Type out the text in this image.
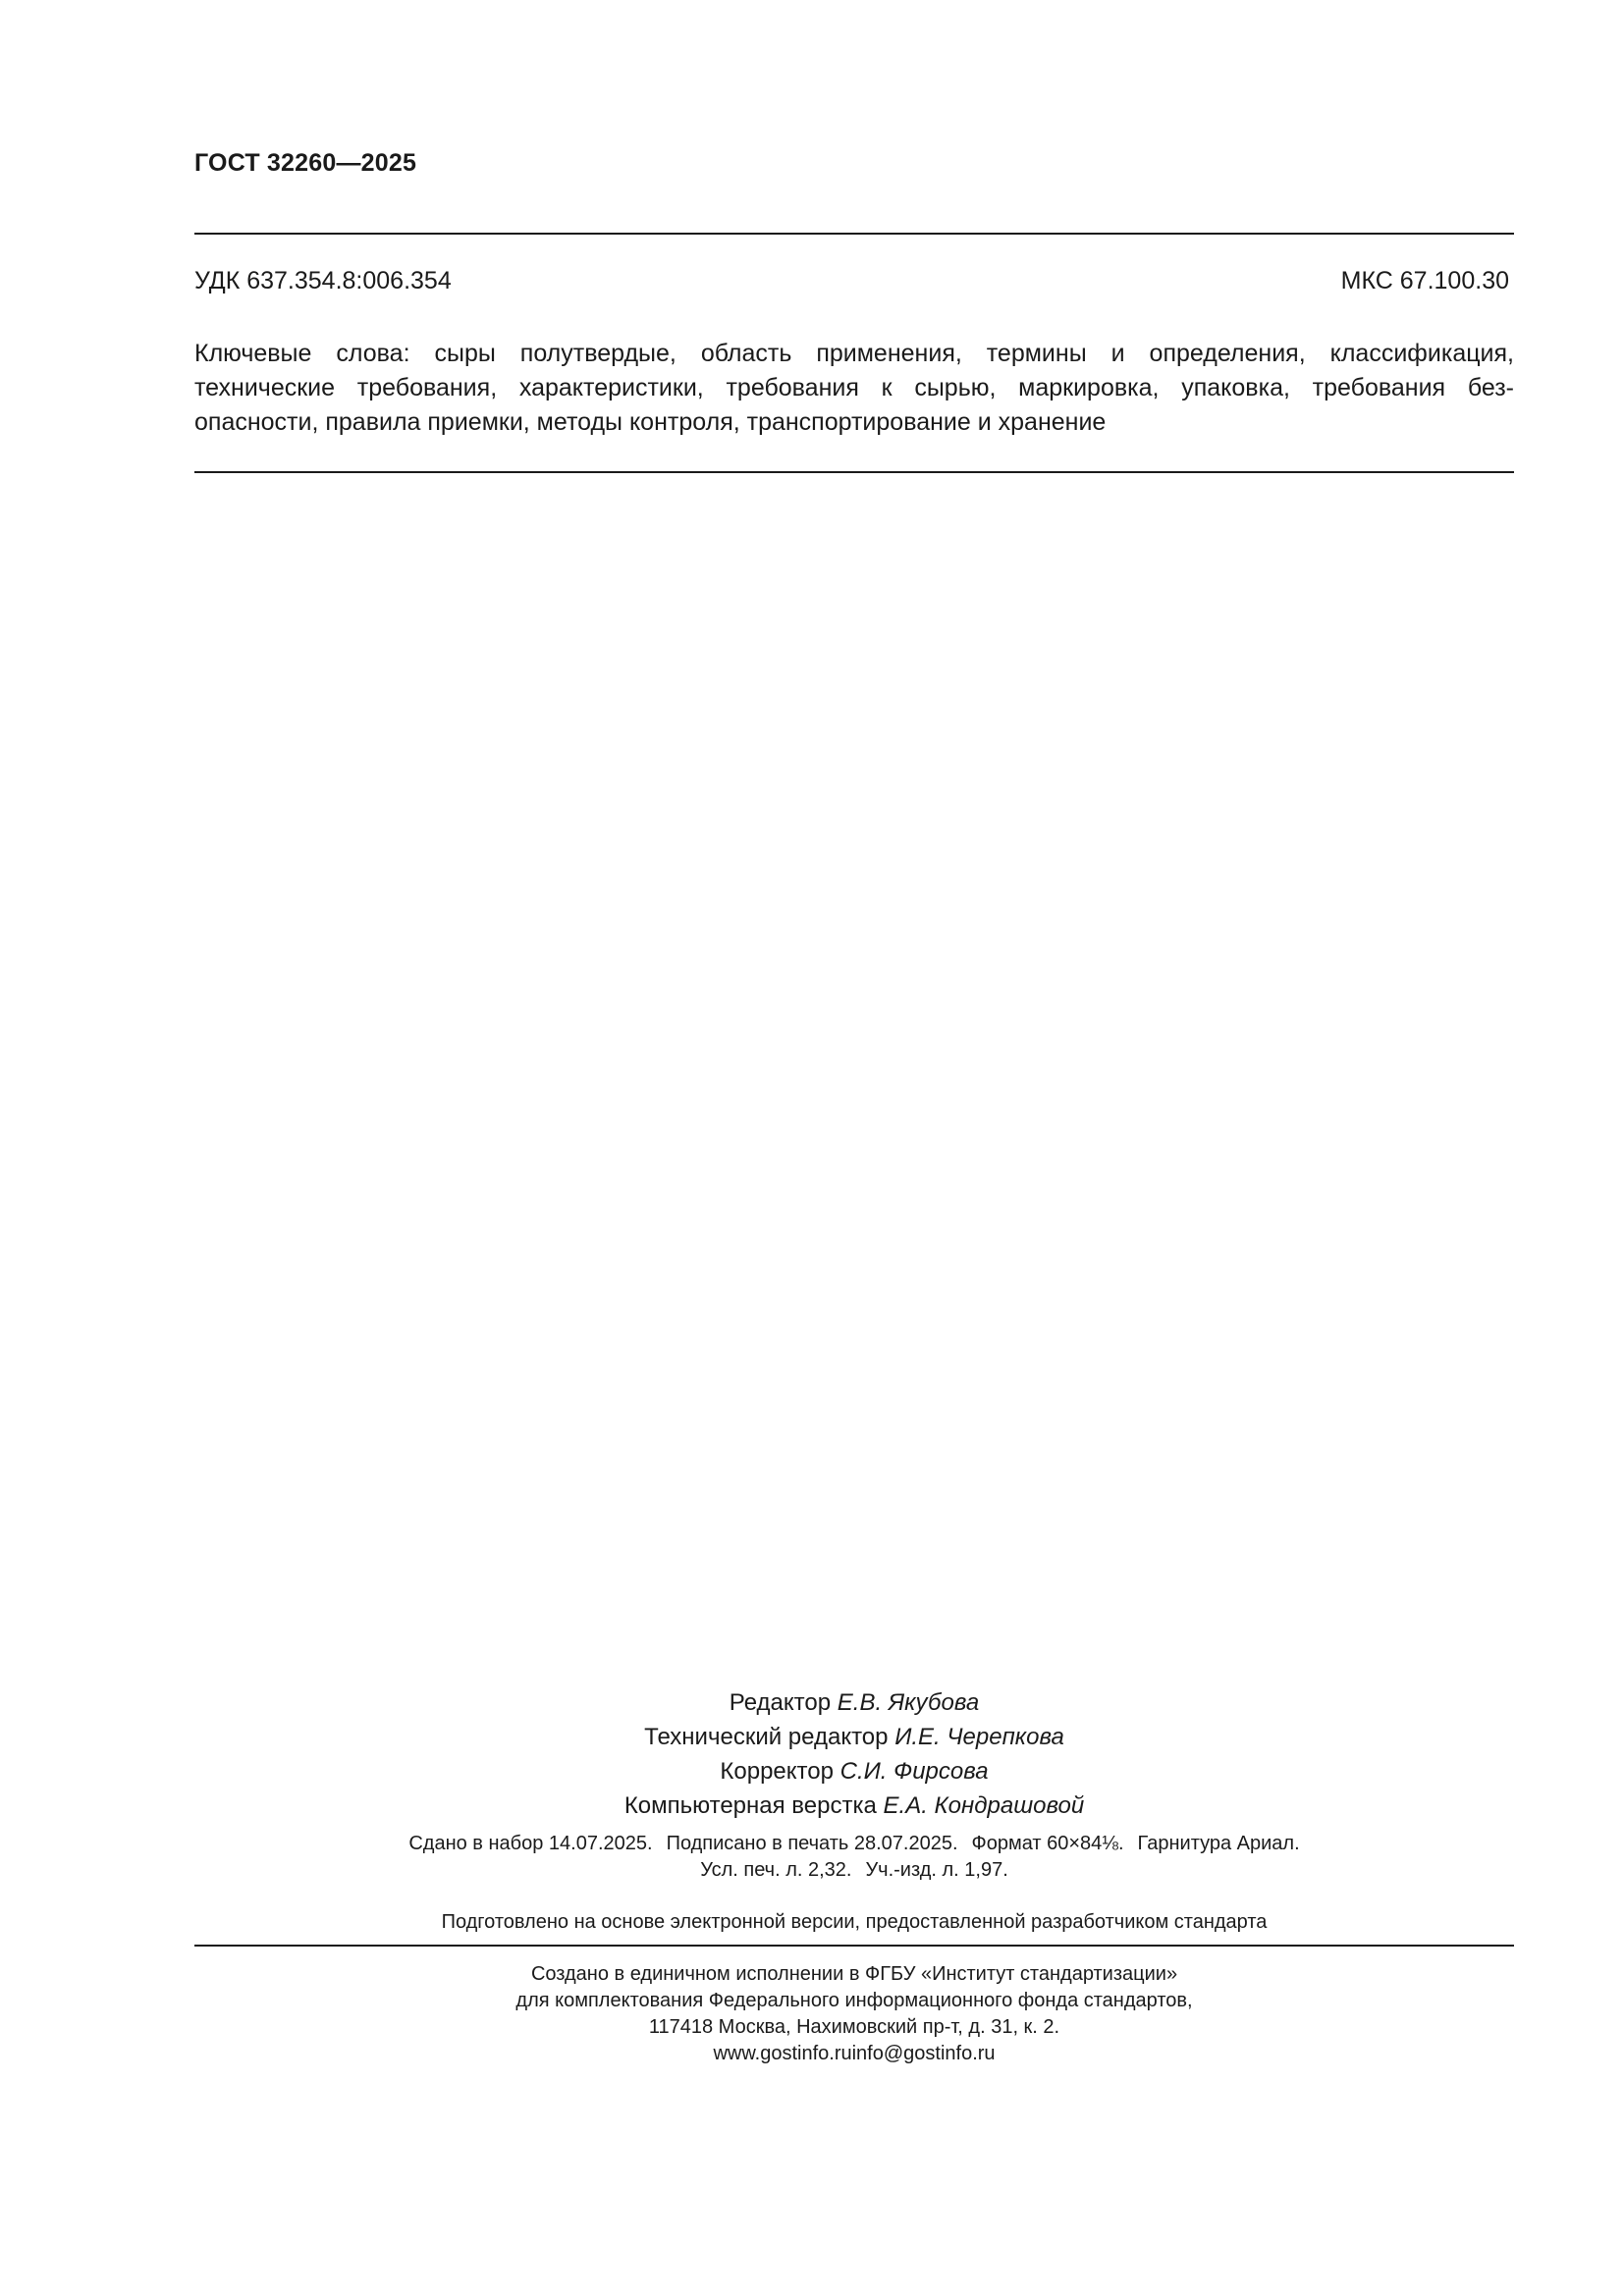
ГОСТ 32260—2025
УДК 637.354.8:006.354	МКС 67.100.30
Ключевые слова: сыры полутвердые, область применения, термины и определения, классификация,
технические требования, характеристики, требования к сырью, маркировка, упаковка, требования без-
опасности, правила приемки, методы контроля, транспортирование и хранение
Редактор Е.В. Якубова
Технический редактор И.Е. Черепкова
Корректор С.И. Фирсова
Компьютерная верстка Е.А. Кондрашовой
Сдано в набор 14.07.2025. Подписано в печать 28.07.2025. Формат 60×84⅛. Гарнитура Ариал.
Усл. печ. л. 2,32. Уч.-изд. л. 1,97.
Подготовлено на основе электронной версии, предоставленной разработчиком стандарта
Создано в единичном исполнении в ФГБУ «Институт стандартизации»
для комплектования Федерального информационного фонда стандартов,
117418 Москва, Нахимовский пр-т, д. 31, к. 2.
www.gostinfo.ruinfo@gostinfo.ru
